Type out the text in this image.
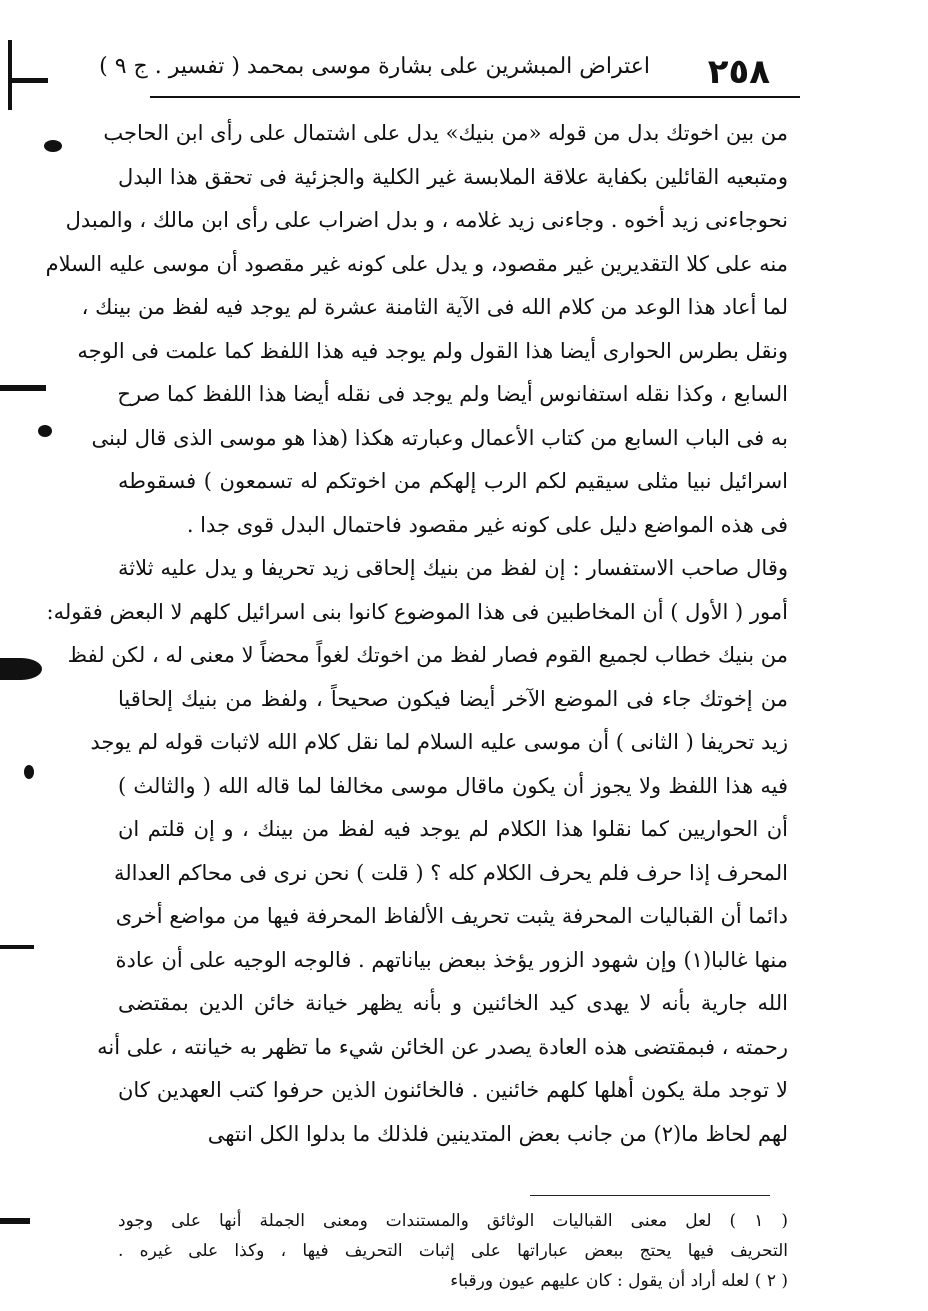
٢٥٨
اعتراض المبشرين على بشارة موسى بمحمد ( تفسير . ج ٩ )
من بين اخوتك بدل من قوله «من بنيك» يدل على اشتمال على رأى ابن الحاجب
ومتبعيه القائلين بكفاية علاقة الملابسة غير الكلية والجزئية فى تحقق هذا البدل
نحوجاءنى زيد أخوه . وجاءنى زيد غلامه ، و بدل اضراب على رأى ابن مالك ، والمبدل
منه على كلا التقديرين غير مقصود، و يدل على كونه غير مقصود أن موسى عليه السلام
لما أعاد هذا الوعد من كلام الله فى الآية الثامنة عشرة لم يوجد فيه لفظ من بينك ،
ونقل بطرس الحوارى أيضا هذا القول ولم يوجد فيه هذا اللفظ كما علمت فى الوجه
السابع ، وكذا نقله استفانوس أيضا ولم يوجد فى نقله أيضا هذا اللفظ كما صرح
به فى الباب السابع من كتاب الأعمال وعبارته هكذا (هذا هو موسى الذى قال لبنى
اسرائيل نبيا مثلى سيقيم لكم الرب إلهكم من اخوتكم له تسمعون ) فسقوطه
فى هذه المواضع دليل على كونه غير مقصود فاحتمال البدل قوى جدا .
وقال صاحب الاستفسار : إن لفظ من بنيك إلحاقى زيد تحريفا و يدل عليه ثلاثة
أمور ( الأول ) أن المخاطبين فى هذا الموضوع كانوا بنى اسرائيل كلهم لا البعض فقوله:
من بنيك خطاب لجميع القوم فصار لفظ من اخوتك لغواً محضاً لا معنى له ، لكن لفظ
من إخوتك جاء فى الموضع الآخر أيضا فيكون صحيحاً ، ولفظ من بنيك إلحاقيا
زيد تحريفا ( الثانى ) أن موسى عليه السلام لما نقل كلام الله لاثبات قوله لم يوجد
فيه هذا اللفظ ولا يجوز أن يكون ماقال موسى مخالفا لما قاله الله ( والثالث )
أن الحواريين كما نقلوا هذا الكلام لم يوجد فيه لفظ من بينك ، و إن قلتم ان
المحرف إذا حرف فلم يحرف الكلام كله ؟ ( قلت ) نحن نرى فى محاكم العدالة
دائما أن القباليات المحرفة يثبت تحريف الألفاظ المحرفة فيها من مواضع أخرى
منها غالبا(١) وإن شهود الزور يؤخذ ببعض بياناتهم . فالوجه الوجيه على أن عادة
الله جارية بأنه لا يهدى كيد الخائنين و بأنه يظهر خيانة خائن الدين بمقتضى
رحمته ، فبمقتضى هذه العادة يصدر عن الخائن شيء ما تظهر به خيانته ، على أنه
لا توجد ملة يكون أهلها كلهم خائنين . فالخائنون الذين حرفوا كتب العهدين كان
لهم لحاظ ما(٢) من جانب بعض المتدينين فلذلك ما بدلوا الكل انتهى
( ١ ) لعل معنى القباليات الوثائق والمستندات ومعنى الجملة أنها على وجود
التحريف فيها يحتج ببعض عباراتها على إثبات التحريف فيها ، وكذا على غيره .
( ٢ ) لعله أراد أن يقول : كان عليهم عيون ورقباء
